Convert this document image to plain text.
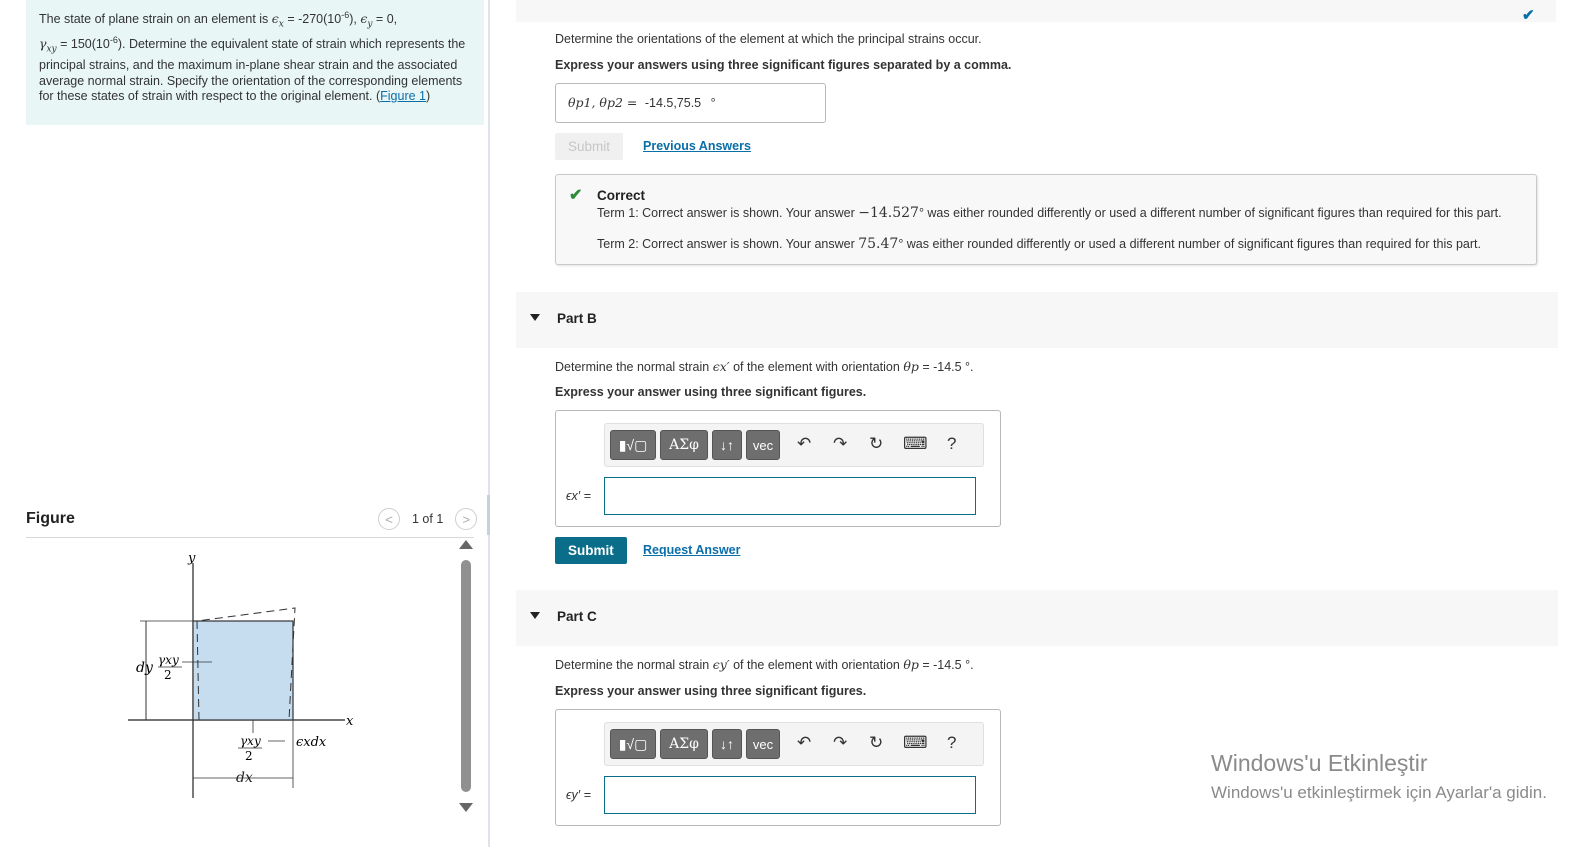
The state of plane strain on an element is $\epsilon_x = -270(10^{-6})$, $\epsilon_y = 0$,
$\gamma_{xy} = 150(10^{-6})$. Determine the equivalent state of strain which represents the principal strains, and the maximum in-plane shear strain and the associated average normal strain. Specify the orientation of the corresponding elements for these states of strain with respect to the original element. (Figure 1)
Figure	<	1 of 1	>
y
x
dy γxy
2
γxy
2
ϵxdx
dx
✔
Determine the orientations of the element at which the principal strains occur.
Express your answers using three significant figures separated by a comma.
θp1, θp2 = -14.5,75.5 °
Submit	Previous Answers
✔ Correct
Term 1: Correct answer is shown. Your answer −14.527° was either rounded differently or used a different number of significant figures than required for this part.
Term 2: Correct answer is shown. Your answer 75.47° was either rounded differently or used a different number of significant figures than required for this part.
Part B
Determine the normal strain ϵx′ of the element with orientation θp = -14.5 °.
Express your answer using three significant figures.
▮√▢	ΑΣφ	↓↑	vec	↶ ↷ ↻ ⌨ ?
ϵx′ =
Submit	Request Answer
Part C
Determine the normal strain ϵy′ of the element with orientation θp = -14.5 °.
Express your answer using three significant figures.
▮√▢	ΑΣφ	↓↑	vec	↶ ↷ ↻ ⌨ ?
ϵy′ =
Windows'u Etkinleştir
Windows'u etkinleştirmek için Ayarlar'a gidin.
